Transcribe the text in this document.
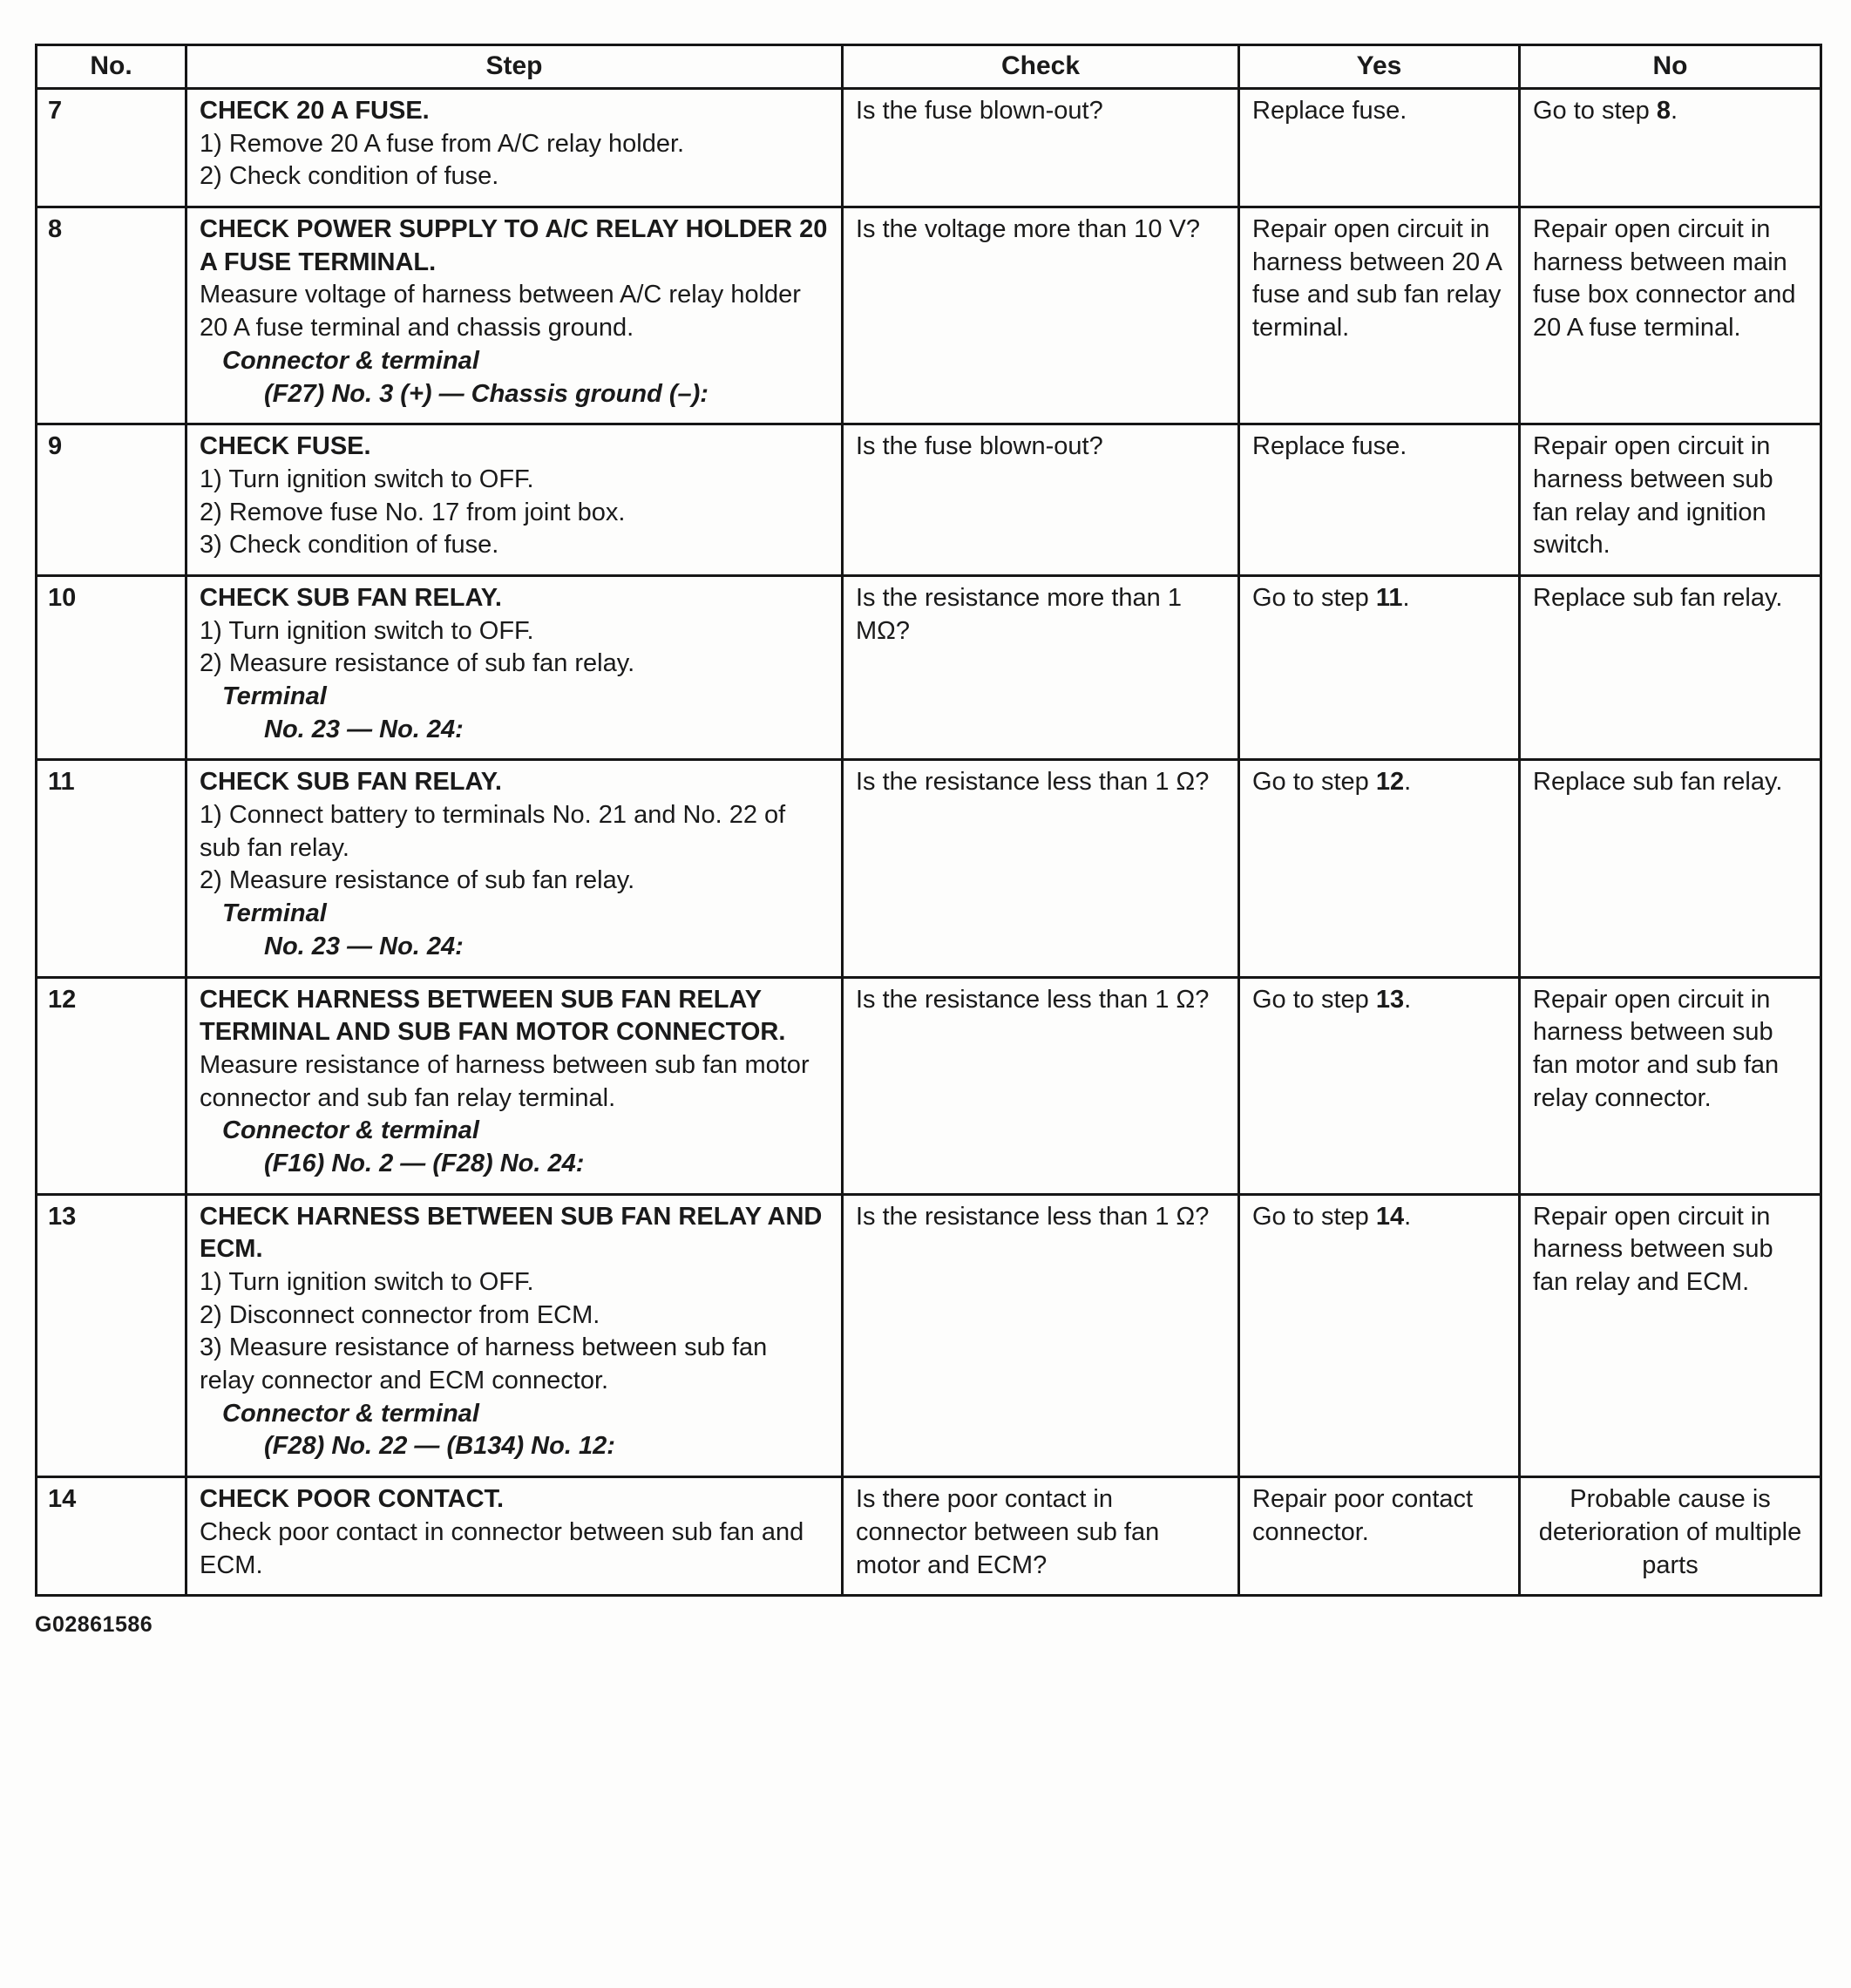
No.	Step	Check	Yes	No
7	CHECK 20 A FUSE.
1) Remove 20 A fuse from A/C relay holder.
2) Check condition of fuse.	Is the fuse blown-out?	Replace fuse.	Go to step 8.
8	CHECK POWER SUPPLY TO A/C RELAY HOLDER 20 A FUSE TERMINAL.
Measure voltage of harness between A/C relay holder 20 A fuse terminal and chassis ground.
Connector & terminal
(F27) No. 3 (+) — Chassis ground (–):	Is the voltage more than 10 V?	Repair open circuit in harness between 20 A fuse and sub fan relay terminal.	Repair open circuit in harness between main fuse box connector and 20 A fuse terminal.
9	CHECK FUSE.
1) Turn ignition switch to OFF.
2) Remove fuse No. 17 from joint box.
3) Check condition of fuse.	Is the fuse blown-out?	Replace fuse.	Repair open circuit in harness between sub fan relay and ignition switch.
10	CHECK SUB FAN RELAY.
1) Turn ignition switch to OFF.
2) Measure resistance of sub fan relay.
Terminal
No. 23 — No. 24:	Is the resistance more than 1 MΩ?	Go to step 11.	Replace sub fan relay.
11	CHECK SUB FAN RELAY.
1) Connect battery to terminals No. 21 and No. 22 of sub fan relay.
2) Measure resistance of sub fan relay.
Terminal
No. 23 — No. 24:	Is the resistance less than 1 Ω?	Go to step 12.	Replace sub fan relay.
12	CHECK HARNESS BETWEEN SUB FAN RELAY TERMINAL AND SUB FAN MOTOR CONNECTOR.
Measure resistance of harness between sub fan motor connector and sub fan relay terminal.
Connector & terminal
(F16) No. 2 — (F28) No. 24:	Is the resistance less than 1 Ω?	Go to step 13.	Repair open circuit in harness between sub fan motor and sub fan relay connector.
13	CHECK HARNESS BETWEEN SUB FAN RELAY AND ECM.
1) Turn ignition switch to OFF.
2) Disconnect connector from ECM.
3) Measure resistance of harness between sub fan relay connector and ECM connector.
Connector & terminal
(F28) No. 22 — (B134) No. 12:
	Is the resistance less than 1 Ω?	Go to step 14.	Repair open circuit in harness between sub fan relay and ECM.
14	CHECK POOR CONTACT.
Check poor contact in connector between sub fan and ECM.	Is there poor contact in connector between sub fan motor and ECM?	Repair poor contact connector.	Probable cause is deterioration of multiple parts
G02861586
